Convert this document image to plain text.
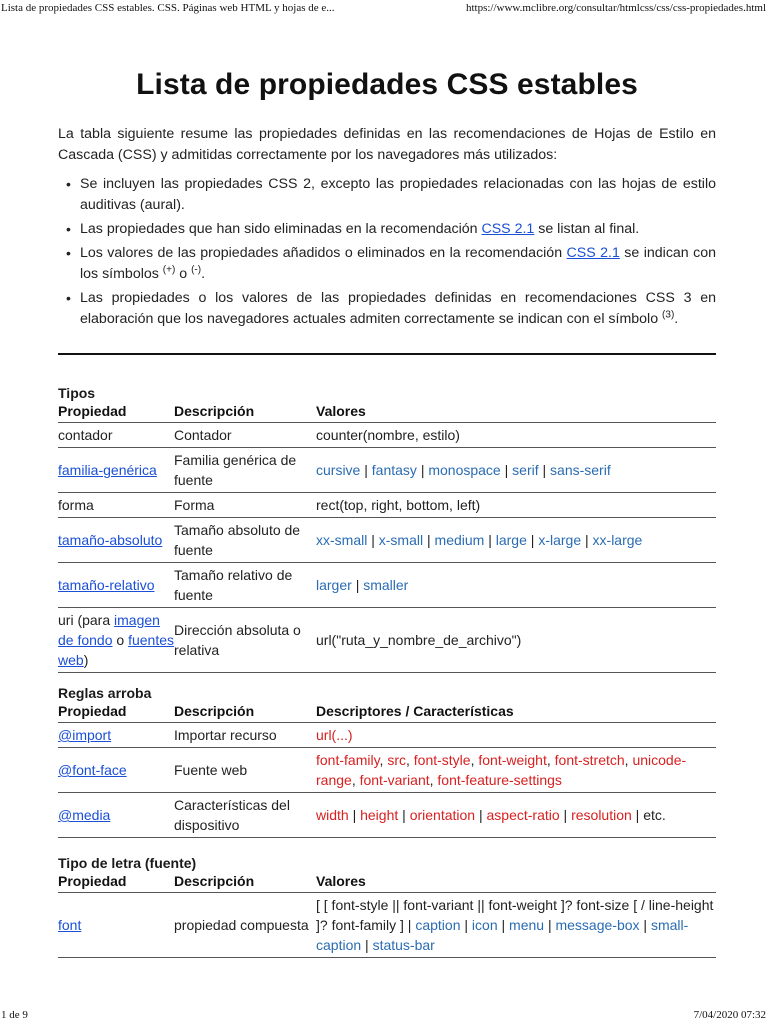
Lista de propiedades CSS estables. CSS. Páginas web HTML y hojas de e...	https://www.mclibre.org/consultar/htmlcss/css/css-propiedades.html
Lista de propiedades CSS estables

La tabla siguiente resume las propiedades definidas en las recomendaciones de Hojas de Estilo en Cascada (CSS) y admitidas correctamente por los navegadores más utilizados:

• Se incluyen las propiedades CSS 2, excepto las propiedades relacionadas con las hojas de estilo auditivas (aural).
• Las propiedades que han sido eliminadas en la recomendación CSS 2.1 se listan al final.
• Los valores de las propiedades añadidos o eliminados en la recomendación CSS 2.1 se indican con los símbolos (+) o (-).
• Las propiedades o los valores de las propiedades definidas en recomendaciones CSS 3 en elaboración que los navegadores actuales admiten correctamente se indican con el símbolo $^{(3)}$.

Tipos

Propiedad	Descripción	Valores
contador	Contador	counter(nombre, estilo)
familia-genérica	Familia genérica de fuente	cursive | fantasy | monospace | serif | sans-serif
forma	Forma	rect(top, right, bottom, left)
tamaño-absoluto	Tamaño absoluto de fuente	xx-small | x-small | medium | large | x-large | xx-large
tamaño-relativo	Tamaño relativo de fuente	larger | smaller
uri (para imagen de fondo o fuentes web)	Dirección absoluta o relativa	url("ruta_y_nombre_de_archivo")

Reglas arroba

Propiedad	Descripción	Descriptores / Características
@import	Importar recurso	url(...)
@font-face	Fuente web	font-family, src, font-style, font-weight, font-stretch, unicode-range, font-variant, font-feature-settings
@media	Características del dispositivo	width | height | orientation | aspect-ratio | resolution | etc.

Tipo de letra (fuente)

Propiedad	Descripción	Valores
font	propiedad compuesta	[ [ font-style || font-variant || font-weight ]? font-size [ / line-height ]? font-family ] | caption | icon | menu | message-box | small-caption | status-bar
1 de 9	7/04/2020 07:32
